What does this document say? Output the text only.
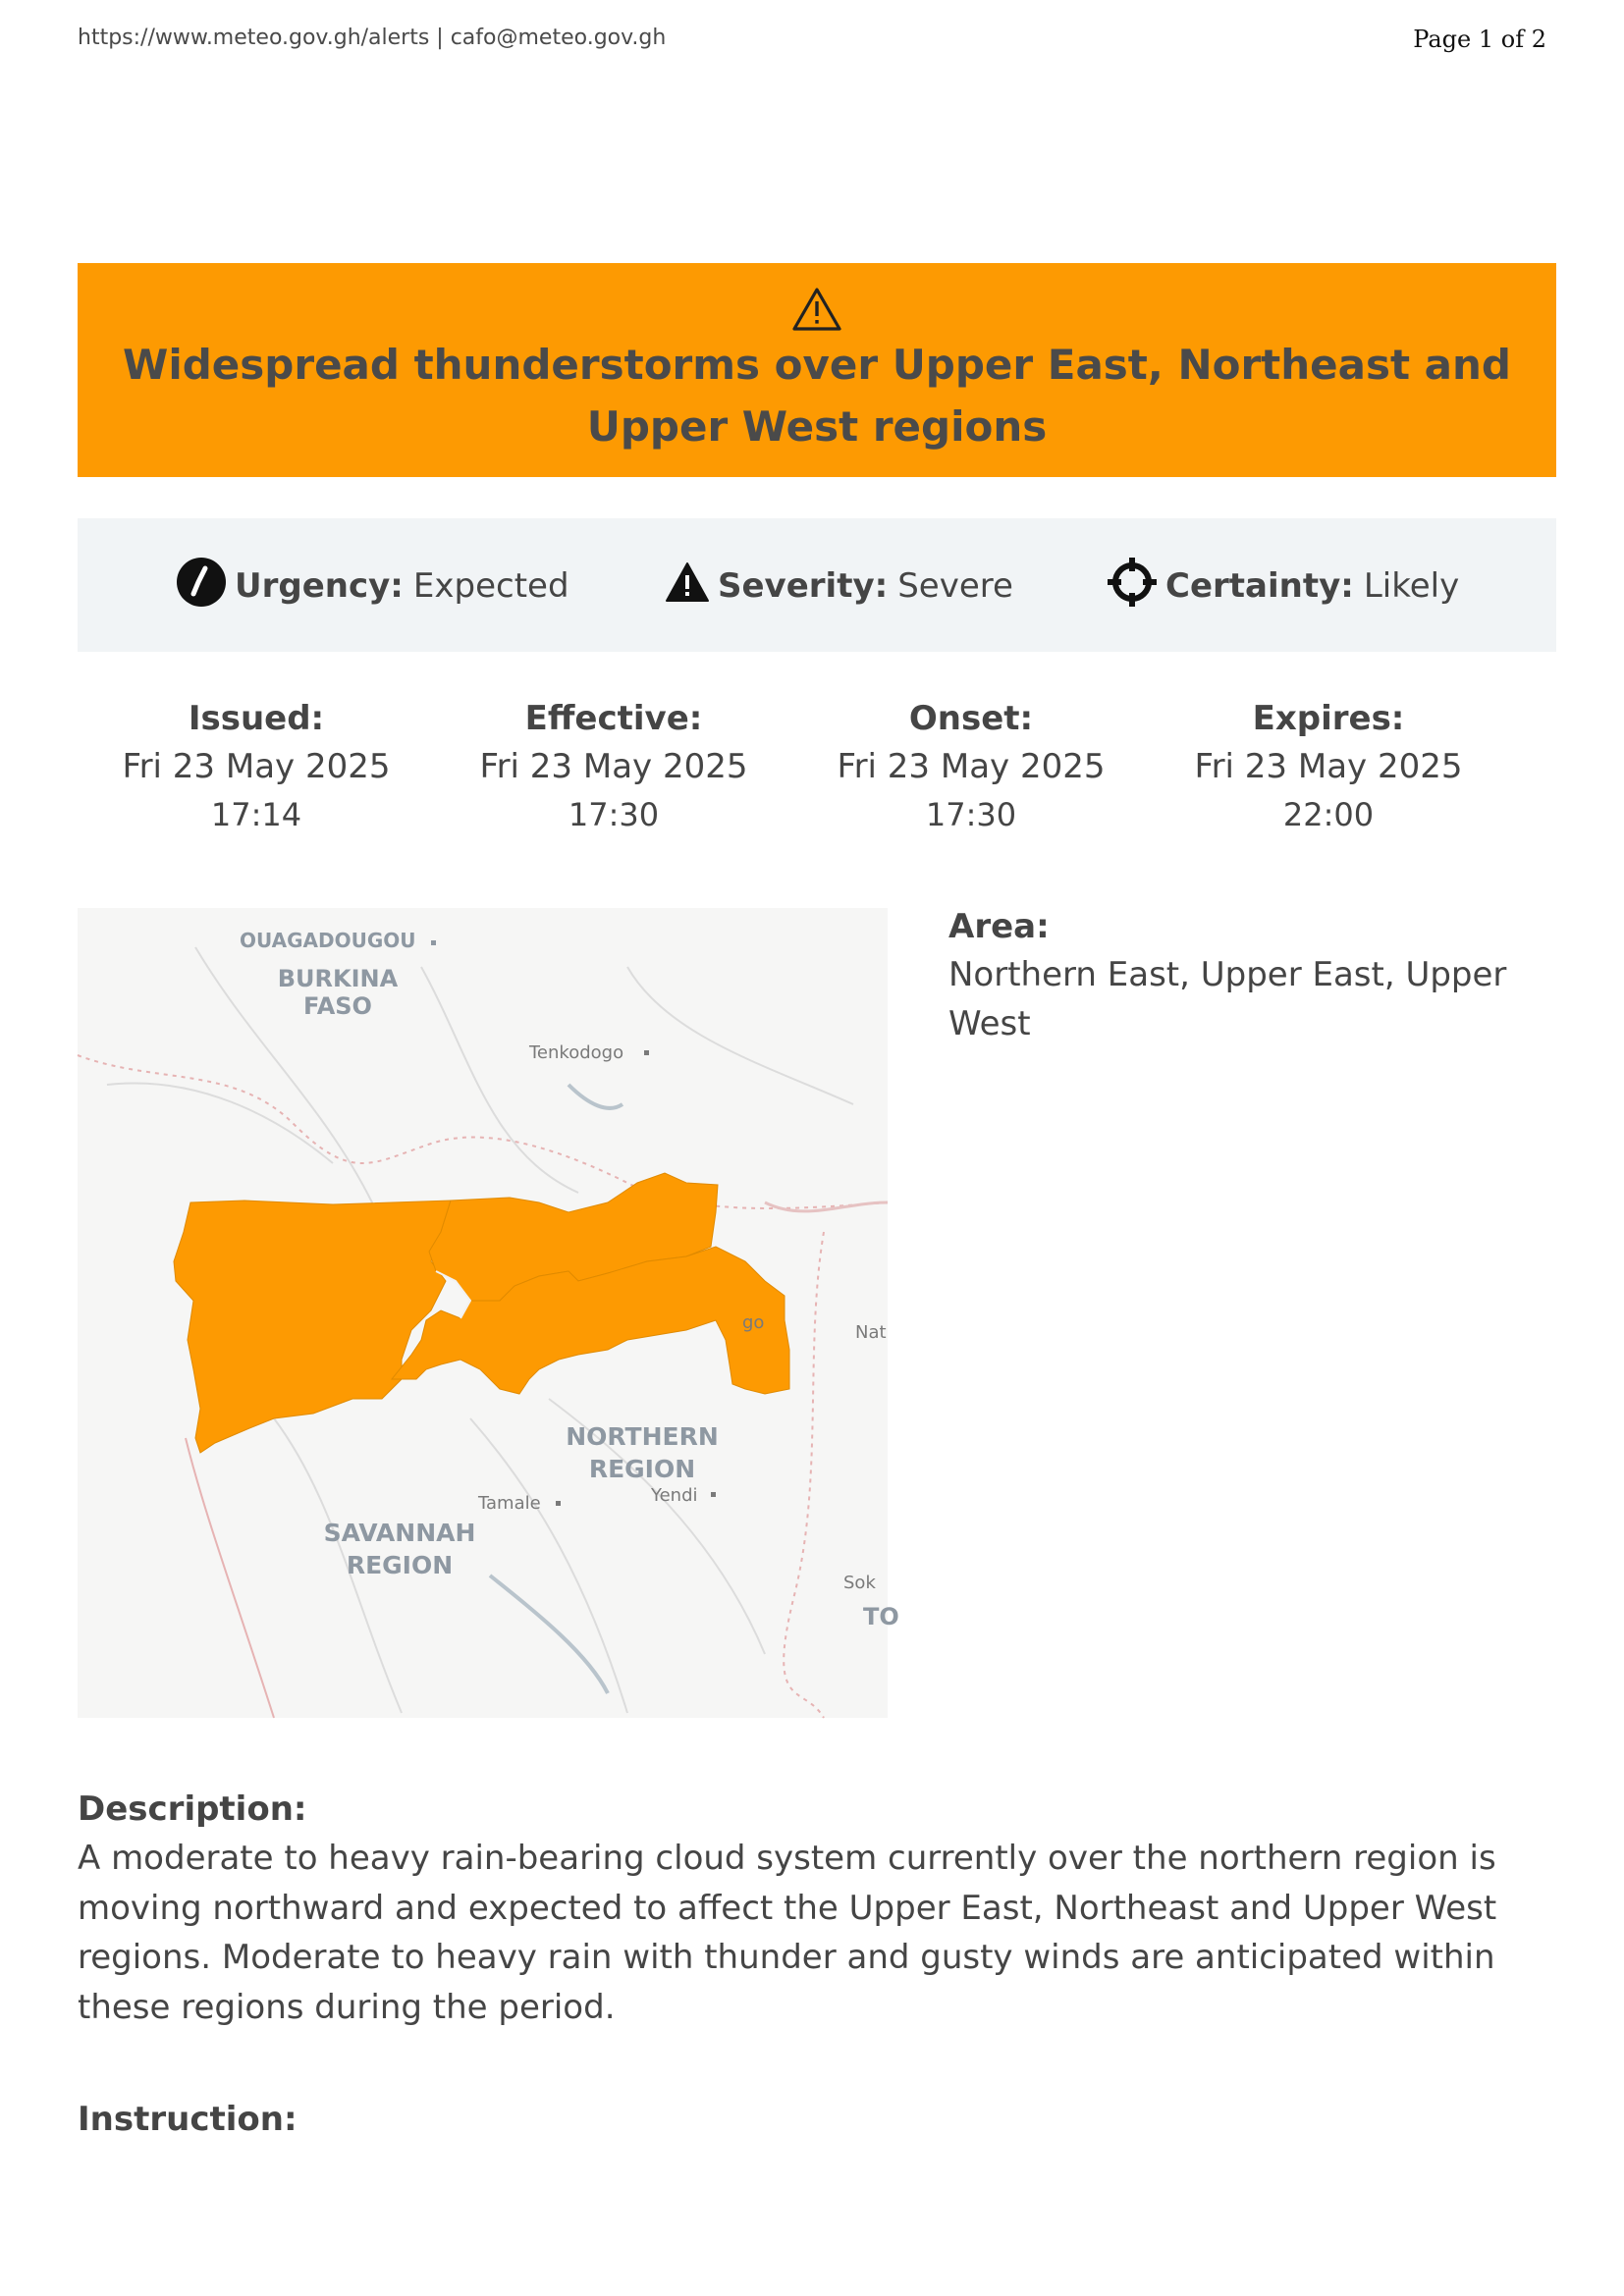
https://www.meteo.gov.gh/alerts | cafo@meteo.gov.gh	Page 1 of 2
Widespread thunderstorms over Upper East, Northeast and Upper West regions
Urgency: Expected	Severity: Severe	Certainty: Likely
Issued:
Fri 23 May 2025
17:14
Effective:
Fri 23 May 2025
17:30
Onset:
Fri 23 May 2025
17:30
Expires:
Fri 23 May 2025
22:00
OUAGADOUGOU
BURKINA
FASO
Tenkodogo
go	Nat
NORTHERN
REGION
Tamale	Yendi
SAVANNAH
REGION
Sok
TO
Area:
Northern East, Upper East, Upper West
Description:
A moderate to heavy rain-bearing cloud system currently over the northern region is moving northward and expected to affect the Upper East, Northeast and Upper West regions. Moderate to heavy rain with thunder and gusty winds are anticipated within these regions during the period.
Instruction:
